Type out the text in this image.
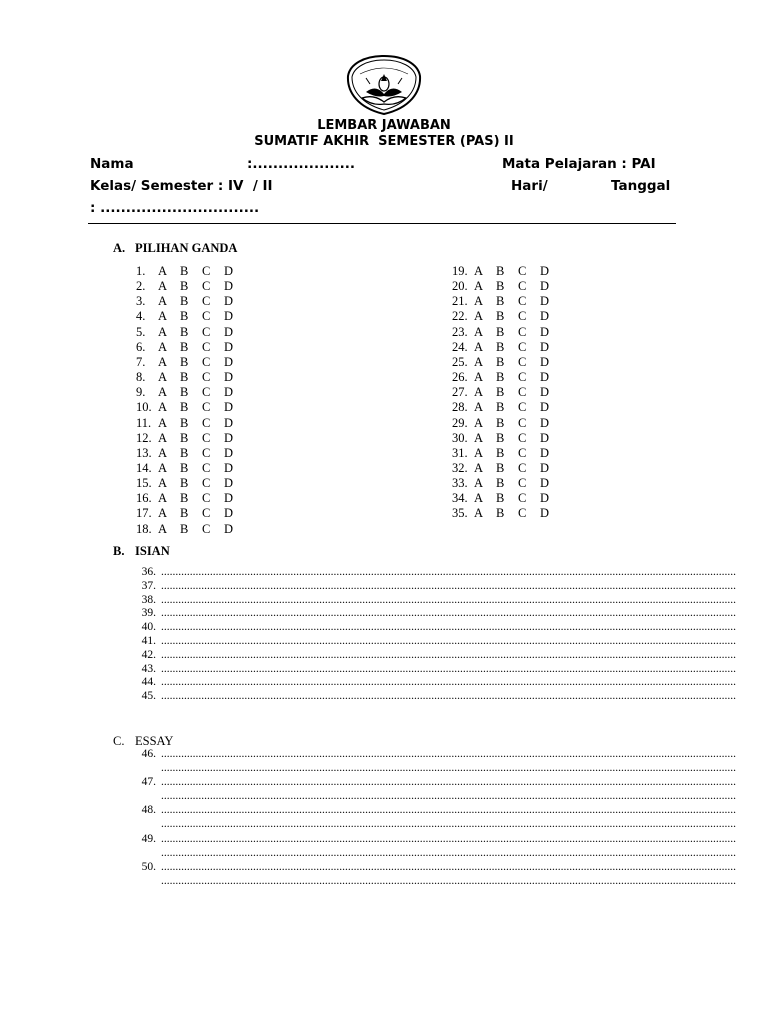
LEMBAR JAWABAN
SUMATIF AKHIR  SEMESTER (PAS) II
Nama	:....................	Mata Pelajaran : PAI
Kelas/ Semester : IV  / II	Hari/	Tanggal
: ...............................
A. PILIHAN GANDA
1. A B C D
2. A B C D
3. A B C D
4. A B C D
5. A B C D
6. A B C D
7. A B C D
8. A B C D
9. A B C D
10. A B C D
11. A B C D
12. A B C D
13. A B C D
14. A B C D
15. A B C D
16. A B C D
17. A B C D
18. A B C D
19. A B C D
20. A B C D
21. A B C D
22. A B C D
23. A B C D
24. A B C D
25. A B C D
26. A B C D
27. A B C D
28. A B C D
29. A B C D
30. A B C D
31. A B C D
32. A B C D
33. A B C D
34. A B C D
35. A B C D
B. ISIAN
36. ........................................................................................................................................................................................................
37. ........................................................................................................................................................................................................
38. ........................................................................................................................................................................................................
39. ........................................................................................................................................................................................................
40. ........................................................................................................................................................................................................
41. ........................................................................................................................................................................................................
42. ........................................................................................................................................................................................................
43. ........................................................................................................................................................................................................
44. ........................................................................................................................................................................................................
45. ........................................................................................................................................................................................................
C. ESSAY
46. ........................................................................................................................................................................................................
........................................................................................................................................................................................................
47. ........................................................................................................................................................................................................
........................................................................................................................................................................................................
48. ........................................................................................................................................................................................................
........................................................................................................................................................................................................
49. ........................................................................................................................................................................................................
........................................................................................................................................................................................................
50. ........................................................................................................................................................................................................
........................................................................................................................................................................................................
